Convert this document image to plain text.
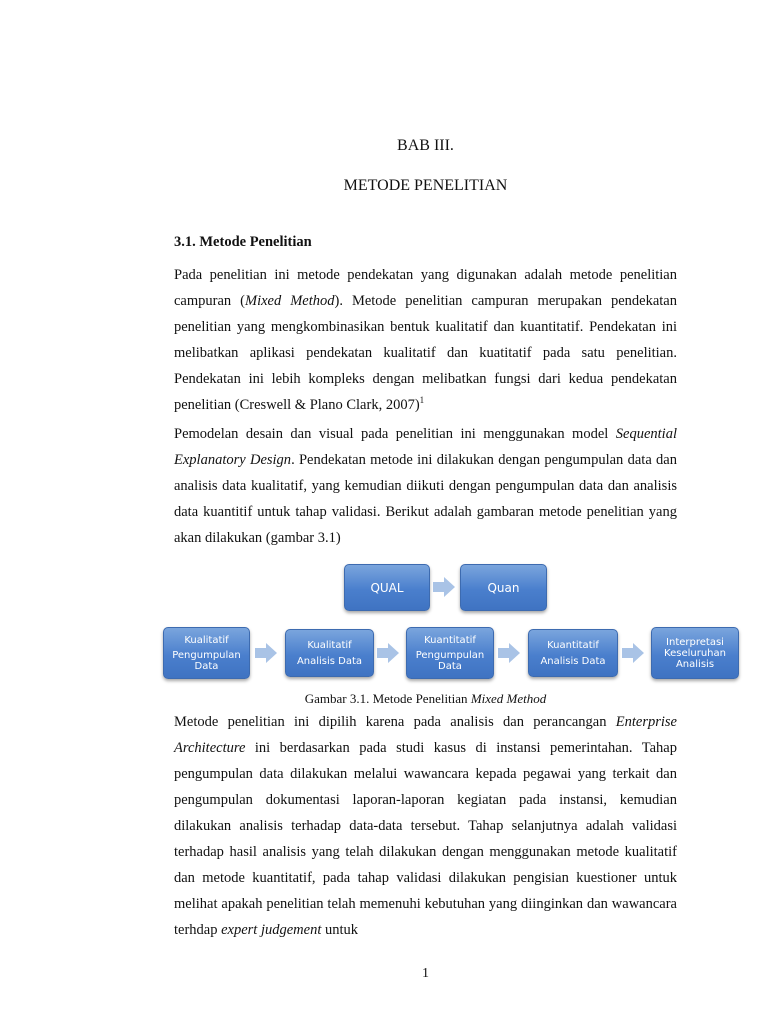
BAB III.
METODE PENELITIAN
3.1. Metode Penelitian

Pada penelitian ini metode pendekatan yang digunakan adalah metode penelitian campuran (Mixed Method). Metode penelitian campuran merupakan pendekatan penelitian yang mengkombinasikan bentuk kualitatif dan kuantitatif. Pendekatan ini melibatkan aplikasi pendekatan kualitatif dan kuatitatif pada satu penelitian. Pendekatan ini lebih kompleks dengan melibatkan fungsi dari kedua pendekatan penelitian (Creswell & Plano Clark, 2007)$^1$

Pemodelan desain dan visual pada penelitian ini menggunakan model Sequential Explanatory Design. Pendekatan metode ini dilakukan dengan pengumpulan data dan analisis data kualitatif, yang kemudian diikuti dengan pengumpulan data dan analisis data kuantitif untuk tahap validasi. Berikut adalah gambaran metode penelitian yang akan dilakukan (gambar 3.1)

QUAL	Quan
Kualitatif
Pengumpulan
Data
Kualitatif
Analisis Data
Kuantitatif
Pengumpulan
Data
Kuantitatif
Analisis Data
Interpretasi
Keseluruhan
Analisis

Gambar 3.1. Metode Penelitian Mixed Method

Metode penelitian ini dipilih karena pada analisis dan perancangan Enterprise Architecture ini berdasarkan pada studi kasus di instansi pemerintahan. Tahap pengumpulan data dilakukan melalui wawancara kepada pegawai yang terkait dan pengumpulan dokumentasi laporan-laporan kegiatan pada instansi, kemudian dilakukan analisis terhadap data-data tersebut. Tahap selanjutnya adalah validasi terhadap hasil analisis yang telah dilakukan dengan menggunakan metode kualitatif dan metode kuantitatif, pada tahap validasi dilakukan pengisian kuestioner untuk melihat apakah penelitian telah memenuhi kebutuhan yang diinginkan dan wawancara terhdap expert judgement untuk

1
